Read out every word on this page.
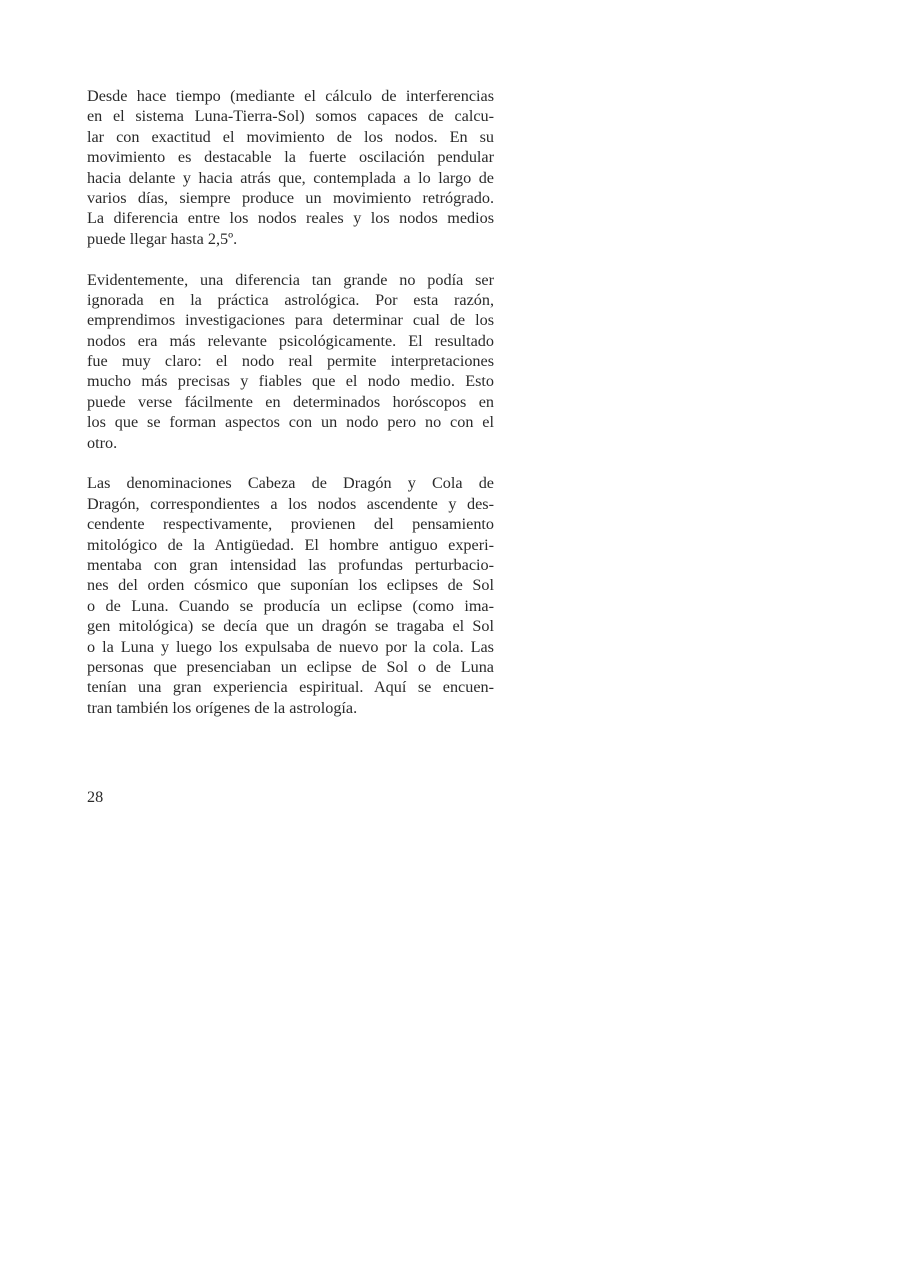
Desde hace tiempo (mediante el cálculo de interferencias
en el sistema Luna-Tierra-Sol) somos capaces de calcu-
lar con exactitud el movimiento de los nodos. En su
movimiento es destacable la fuerte oscilación pendular
hacia delante y hacia atrás que, contemplada a lo largo de
varios días, siempre produce un movimiento retrógrado.
La diferencia entre los nodos reales y los nodos medios
puede llegar hasta 2,5º.
Evidentemente, una diferencia tan grande no podía ser
ignorada en la práctica astrológica. Por esta razón,
emprendimos investigaciones para determinar cual de los
nodos era más relevante psicológicamente. El resultado
fue muy claro: el nodo real permite interpretaciones
mucho más precisas y fiables que el nodo medio. Esto
puede verse fácilmente en determinados horóscopos en
los que se forman aspectos con un nodo pero no con el
otro.
Las denominaciones Cabeza de Dragón y Cola de
Dragón, correspondientes a los nodos ascendente y des-
cendente respectivamente, provienen del pensamiento
mitológico de la Antigüedad. El hombre antiguo experi-
mentaba con gran intensidad las profundas perturbacio-
nes del orden cósmico que suponían los eclipses de Sol
o de Luna. Cuando se producía un eclipse (como ima-
gen mitológica) se decía que un dragón se tragaba el Sol
o la Luna y luego los expulsaba de nuevo por la cola. Las
personas que presenciaban un eclipse de Sol o de Luna
tenían una gran experiencia espiritual. Aquí se encuen-
tran también los orígenes de la astrología.
28
